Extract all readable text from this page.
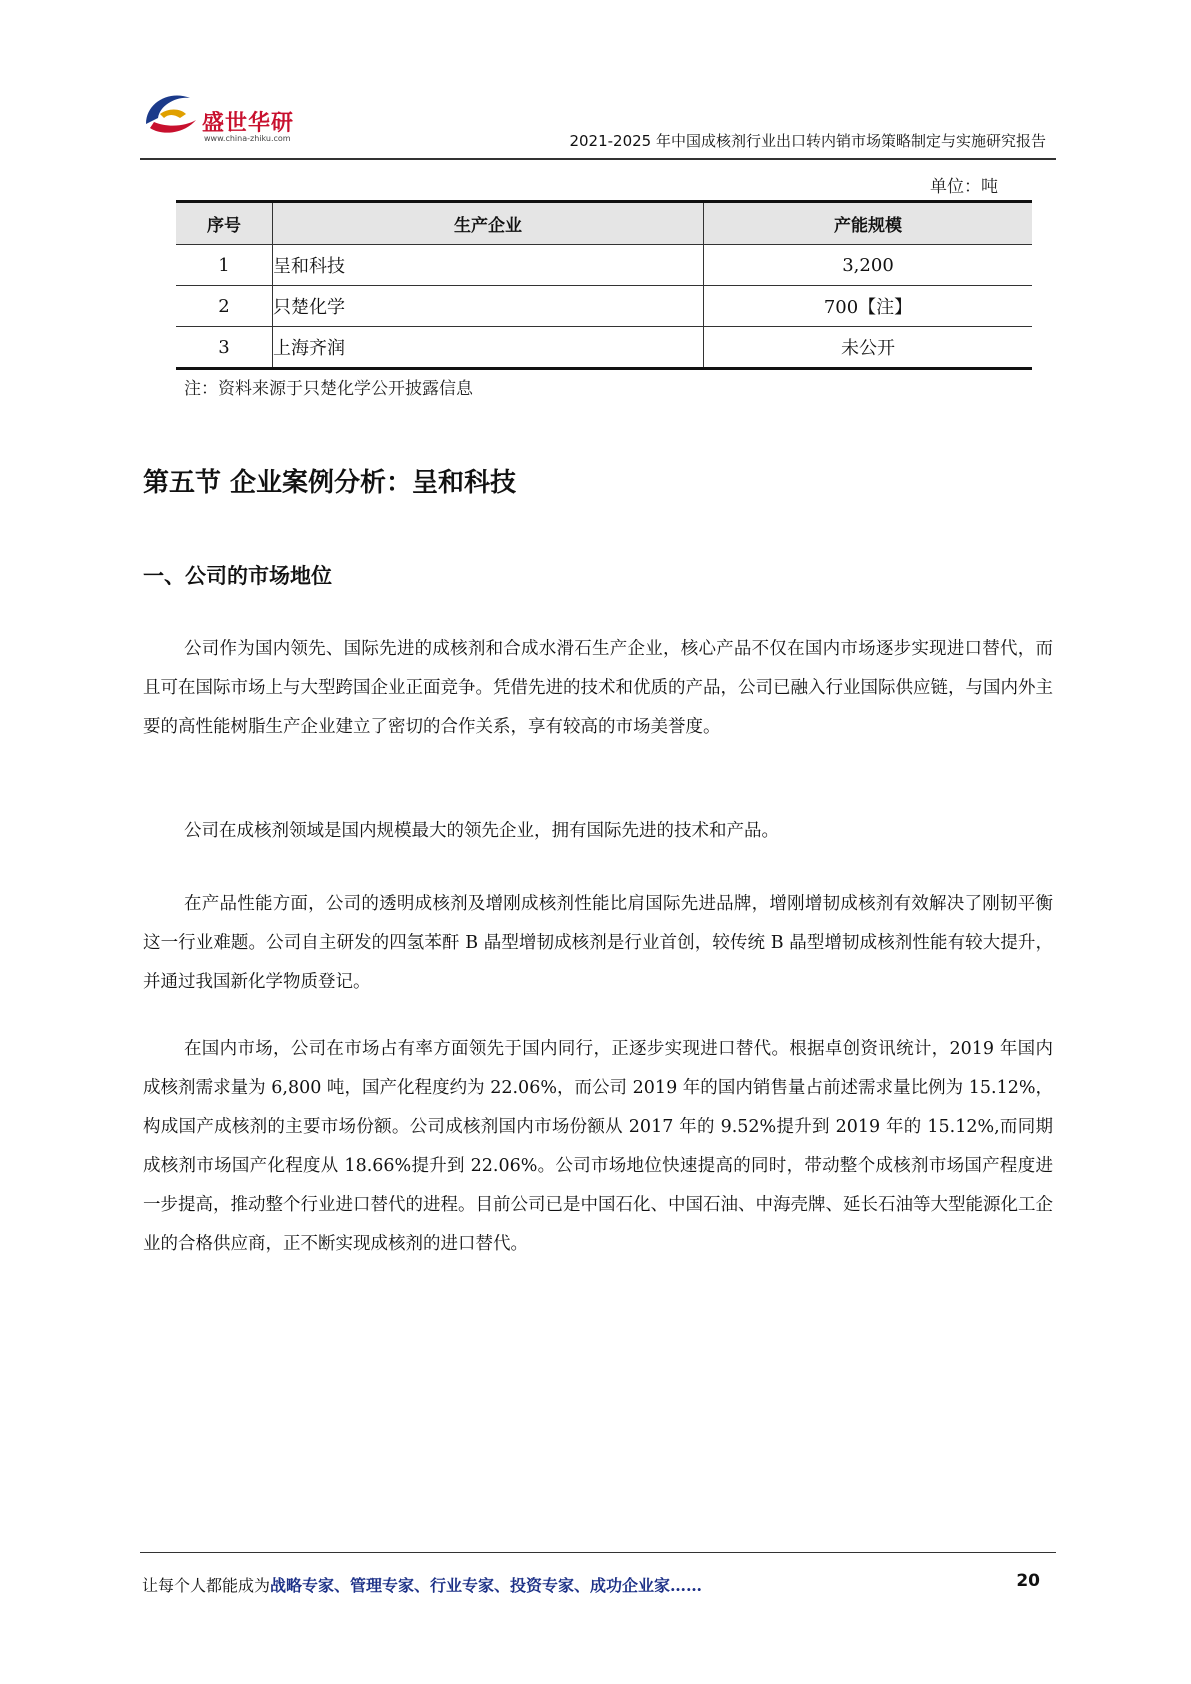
盛世华研
www.china-zhiku.com	2021-2025 年中国成核剂行业出口转内销市场策略制定与实施研究报告
单位：吨
序号	生产企业	产能规模
1	呈和科技	3,200
2	只楚化学	700【注】
3	上海齐润	未公开
注：资料来源于只楚化学公开披露信息
第五节 企业案例分析：呈和科技
一、公司的市场地位

公司作为国内领先、国际先进的成核剂和合成水滑石生产企业，核心产品不仅在国内市场逐步实现进口替代，而且可在国际市场上与大型跨国企业正面竞争。凭借先进的技术和优质的产品，公司已融入行业国际供应链，与国内外主要的高性能树脂生产企业建立了密切的合作关系，享有较高的市场美誉度。

公司在成核剂领域是国内规模最大的领先企业，拥有国际先进的技术和产品。

在产品性能方面，公司的透明成核剂及增刚成核剂性能比肩国际先进品牌，增刚增韧成核剂有效解决了刚韧平衡这一行业难题。公司自主研发的四氢苯酐 B 晶型增韧成核剂是行业首创，较传统 B 晶型增韧成核剂性能有较大提升，并通过我国新化学物质登记。

在国内市场，公司在市场占有率方面领先于国内同行，正逐步实现进口替代。根据卓创资讯统计，2019 年国内成核剂需求量为 6,800 吨，国产化程度约为 22.06%，而公司 2019 年的国内销售量占前述需求量比例为 15.12%，构成国产成核剂的主要市场份额。公司成核剂国内市场份额从 2017 年的 9.52%提升到 2019 年的 15.12%,而同期成核剂市场国产化程度从 18.66%提升到 22.06%。公司市场地位快速提高的同时，带动整个成核剂市场国产程度进一步提高，推动整个行业进口替代的进程。目前公司已是中国石化、中国石油、中海壳牌、延长石油等大型能源化工企业的合格供应商，正不断实现成核剂的进口替代。

让每个人都能成为战略专家、管理专家、行业专家、投资专家、成功企业家……	20
